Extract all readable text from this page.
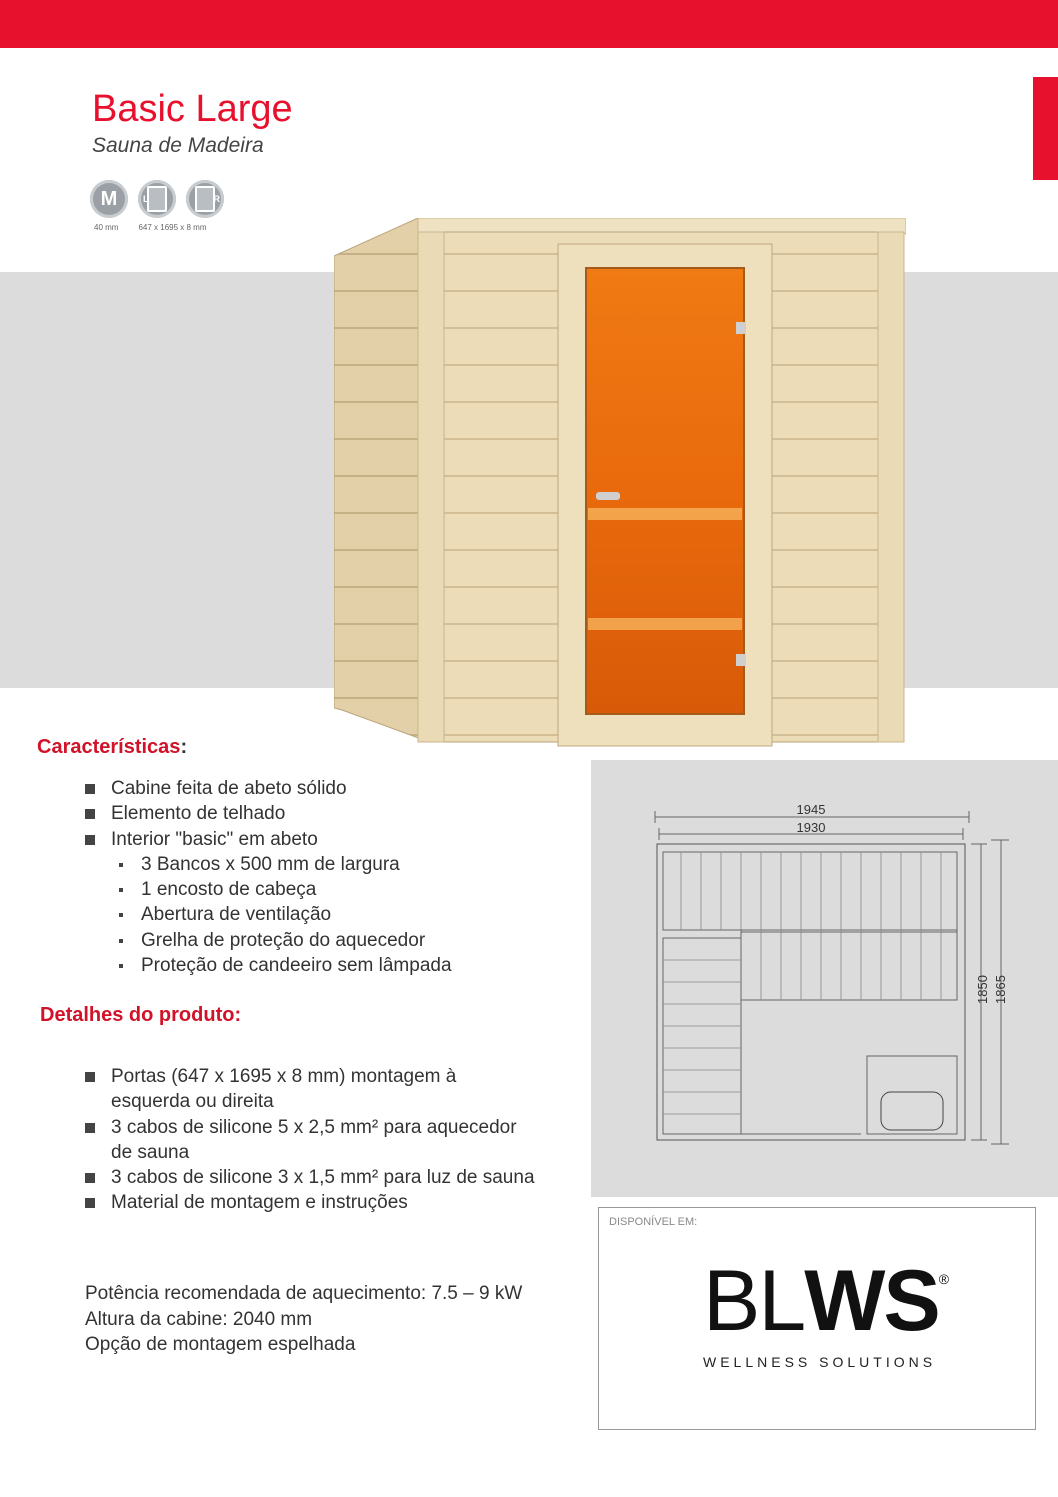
Basic Large
Sauna de Madeira
M	L	R
40 mm	647 x 1695 x 8 mm
Características:
Cabine feita de abeto sólido
Elemento de telhado
Interior "basic" em abeto
3 Bancos x 500 mm de largura
1 encosto de cabeça
Abertura de ventilação
Grelha de proteção do aquecedor
Proteção de candeeiro sem lâmpada
Detalhes do produto:
Portas (647 x 1695 x 8 mm) montagem à esquerda ou direita
3 cabos de silicone 5 x 2,5 mm² para aquecedor de sauna
3 cabos de silicone 3 x 1,5 mm² para luz de sauna
Material de montagem e instruções
Potência recomendada de aquecimento: 7.5 – 9 kW
Altura da cabine: 2040 mm
Opção de montagem espelhada
1945
1930
1850 1865
DISPONÍVEL EM:
BLWS®
WELLNESS SOLUTIONS
